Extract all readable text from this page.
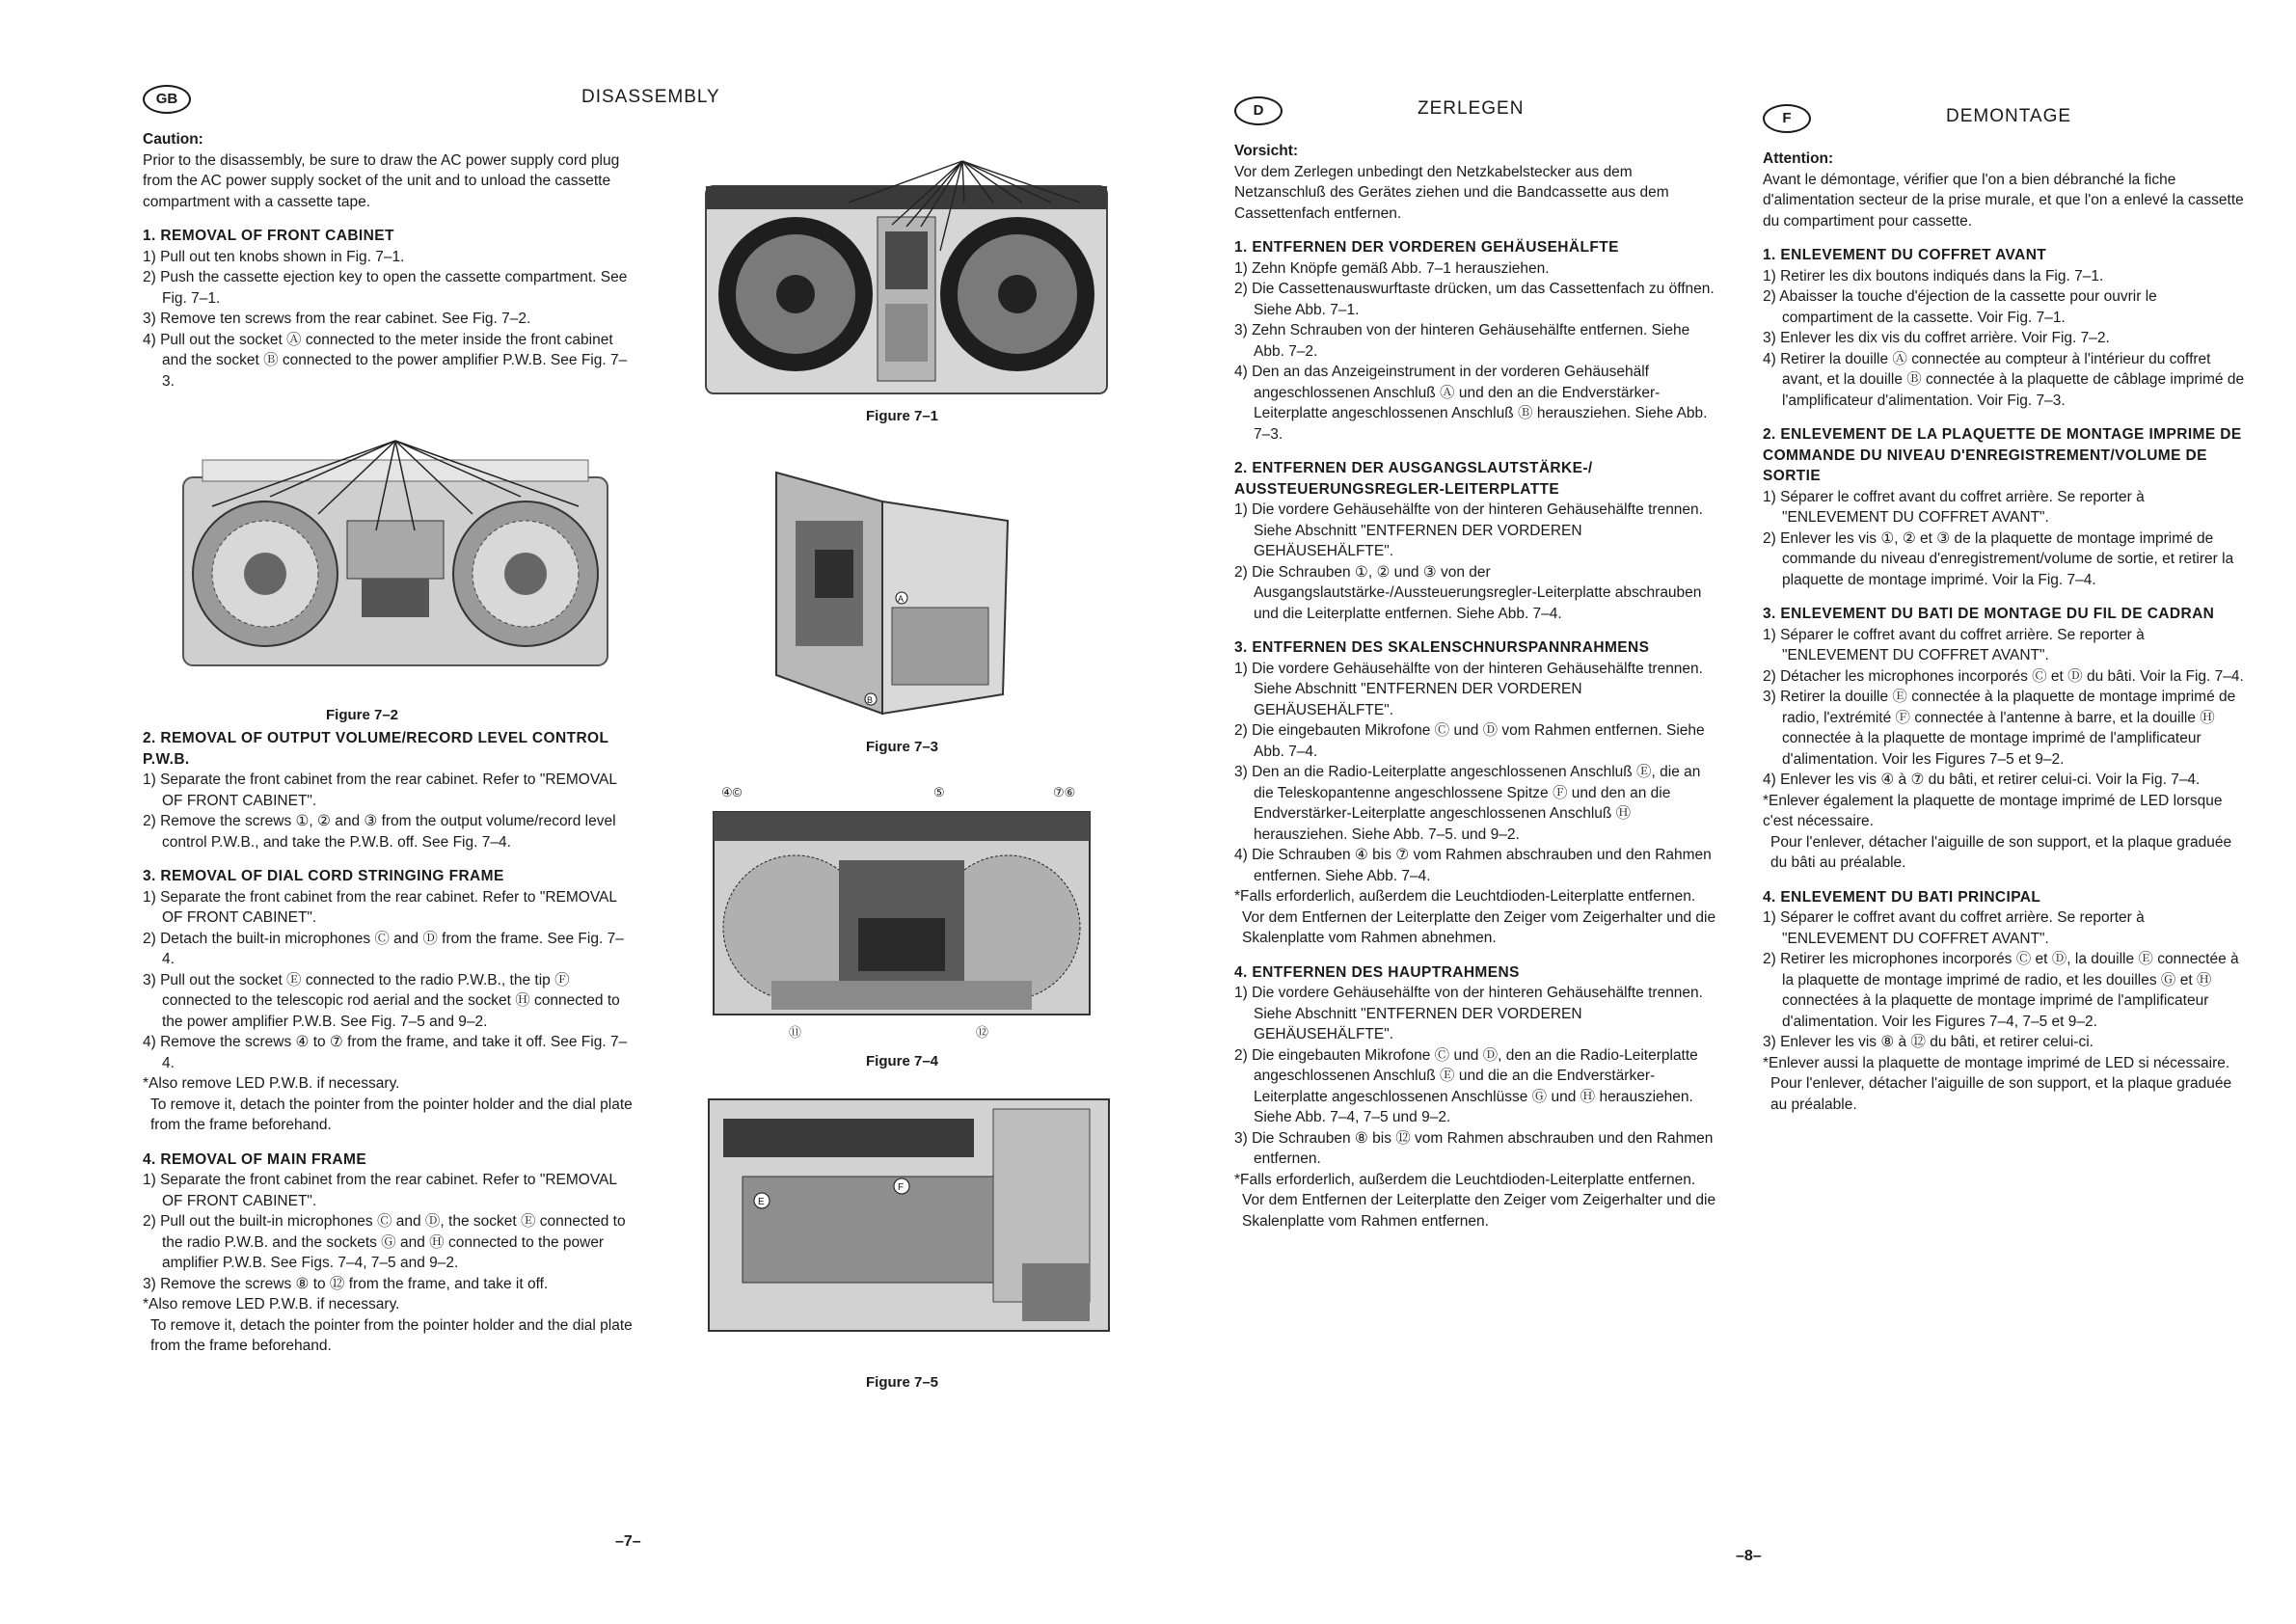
GB	DISASSEMBLY

Caution:

Prior to the disassembly, be sure to draw the AC power supply cord plug from the AC power supply socket of the unit and to unload the cassette compartment with a cassette tape.

1. REMOVAL OF FRONT CABINET

1) Pull out ten knobs shown in Fig. 7–1.

2) Push the cassette ejection key to open the cassette compartment. See Fig. 7–1.

3) Remove ten screws from the rear cabinet. See Fig. 7–2.

4) Pull out the socket Ⓐ connected to the meter inside the front cabinet and the socket Ⓑ connected to the power amplifier P.W.B. See Fig. 7–3.

2. REMOVAL OF OUTPUT VOLUME/RECORD LEVEL CONTROL P.W.B.

1) Separate the front cabinet from the rear cabinet. Refer to "REMOVAL OF FRONT CABINET".

2) Remove the screws ①, ② and ③ from the output volume/record level control P.W.B., and take the P.W.B. off. See Fig. 7–4.

3. REMOVAL OF DIAL CORD STRINGING FRAME

1) Separate the front cabinet from the rear cabinet. Refer to "REMOVAL OF FRONT CABINET".

2) Detach the built-in microphones Ⓒ and Ⓓ from the frame. See Fig. 7–4.

3) Pull out the socket Ⓔ connected to the radio P.W.B., the tip Ⓕ connected to the telescopic rod aerial and the socket Ⓗ connected to the power amplifier P.W.B. See Fig. 7–5 and 9–2.

4) Remove the screws ④ to ⑦ from the frame, and take it off. See Fig. 7–4.

*Also remove LED P.W.B. if necessary.

To remove it, detach the pointer from the pointer holder and the dial plate from the frame beforehand.

4. REMOVAL OF MAIN FRAME

1) Separate the front cabinet from the rear cabinet. Refer to "REMOVAL OF FRONT CABINET".

2) Pull out the built-in microphones Ⓒ and Ⓓ, the socket Ⓔ connected to the radio P.W.B. and the sockets Ⓖ and Ⓗ connected to the power amplifier P.W.B. See Figs. 7–4, 7–5 and 9–2.

3) Remove the screws ⑧ to ⑫ from the frame, and take it off.

*Also remove LED P.W.B. if necessary.

To remove it, detach the pointer from the pointer holder and the dial plate from the frame beforehand.

Figure 7–2
Figure 7–1
A
B
Figure 7–3
④©	⑤	⑦⑥
⑪	⑫
Figure 7–4
E
F
Figure 7–5
–7–
D	ZERLEGEN

Vorsicht:

Vor dem Zerlegen unbedingt den Netzkabelstecker aus dem Netzanschluß des Gerätes ziehen und die Bandcassette aus dem Cassettenfach entfernen.

1. ENTFERNEN DER VORDEREN GEHÄUSEHÄLFTE

1) Zehn Knöpfe gemäß Abb. 7–1 herausziehen.

2) Die Cassettenauswurftaste drücken, um das Cassettenfach zu öffnen. Siehe Abb. 7–1.

3) Zehn Schrauben von der hinteren Gehäusehälfte entfernen. Siehe Abb. 7–2.

4) Den an das Anzeigeinstrument in der vorderen Gehäusehälf angeschlossenen Anschluß Ⓐ und den an die Endverstärker-Leiterplatte angeschlossenen Anschluß Ⓑ herausziehen. Siehe Abb. 7–3.

2. ENTFERNEN DER AUSGANGSLAUTSTÄRKE-/ AUSSTEUERUNGSREGLER-LEITERPLATTE

1) Die vordere Gehäusehälfte von der hinteren Gehäusehälfte trennen. Siehe Abschnitt "ENTFERNEN DER VORDEREN GEHÄUSEHÄLFTE".

2) Die Schrauben ①, ② und ③ von der Ausgangslautstärke-/Aussteuerungsregler-Leiterplatte abschrauben und die Leiterplatte entfernen. Siehe Abb. 7–4.

3. ENTFERNEN DES SKALENSCHNURSPANNRAHMENS

1) Die vordere Gehäusehälfte von der hinteren Gehäusehälfte trennen. Siehe Abschnitt "ENTFERNEN DER VORDEREN GEHÄUSEHÄLFTE".

2) Die eingebauten Mikrofone Ⓒ und Ⓓ vom Rahmen entfernen. Siehe Abb. 7–4.

3) Den an die Radio-Leiterplatte angeschlossenen Anschluß Ⓔ, die an die Teleskopantenne angeschlossene Spitze Ⓕ und den an die Endverstärker-Leiterplatte angeschlossenen Anschluß Ⓗ herausziehen. Siehe Abb. 7–5. und 9–2.

4) Die Schrauben ④ bis ⑦ vom Rahmen abschrauben und den Rahmen entfernen. Siehe Abb. 7–4.

*Falls erforderlich, außerdem die Leuchtdioden-Leiterplatte entfernen.

Vor dem Entfernen der Leiterplatte den Zeiger vom Zeigerhalter und die Skalenplatte vom Rahmen abnehmen.

4. ENTFERNEN DES HAUPTRAHMENS

1) Die vordere Gehäusehälfte von der hinteren Gehäusehälfte trennen. Siehe Abschnitt "ENTFERNEN DER VORDEREN GEHÄUSEHÄLFTE".

2) Die eingebauten Mikrofone Ⓒ und Ⓓ, den an die Radio-Leiterplatte angeschlossenen Anschluß Ⓔ und die an die Endverstärker-Leiterplatte angeschlossenen Anschlüsse Ⓖ und Ⓗ herausziehen. Siehe Abb. 7–4, 7–5 und 9–2.

3) Die Schrauben ⑧ bis ⑫ vom Rahmen abschrauben und den Rahmen entfernen.

*Falls erforderlich, außerdem die Leuchtdioden-Leiterplatte entfernen.

Vor dem Entfernen der Leiterplatte den Zeiger vom Zeigerhalter und die Skalenplatte vom Rahmen entfernen.

F	DEMONTAGE

Attention:

Avant le démontage, vérifier que l'on a bien débranché la fiche d'alimentation secteur de la prise murale, et que l'on a enlevé la cassette du compartiment pour cassette.

1. ENLEVEMENT DU COFFRET AVANT

1) Retirer les dix boutons indiqués dans la Fig. 7–1.

2) Abaisser la touche d'éjection de la cassette pour ouvrir le compartiment de la cassette. Voir Fig. 7–1.

3) Enlever les dix vis du coffret arrière. Voir Fig. 7–2.

4) Retirer la douille Ⓐ connectée au compteur à l'intérieur du coffret avant, et la douille Ⓑ connectée à la plaquette de câblage imprimé de l'amplificateur d'alimentation. Voir Fig. 7–3.

2. ENLEVEMENT DE LA PLAQUETTE DE MONTAGE IMPRIME DE COMMANDE DU NIVEAU D'ENREGISTREMENT/VOLUME DE SORTIE

1) Séparer le coffret avant du coffret arrière. Se reporter à "ENLEVEMENT DU COFFRET AVANT".

2) Enlever les vis ①, ② et ③ de la plaquette de montage imprimé de commande du niveau d'enregistrement/volume de sortie, et retirer la plaquette de montage imprimé. Voir la Fig. 7–4.

3. ENLEVEMENT DU BATI DE MONTAGE DU FIL DE CADRAN

1) Séparer le coffret avant du coffret arrière. Se reporter à "ENLEVEMENT DU COFFRET AVANT".

2) Détacher les microphones incorporés Ⓒ et Ⓓ du bâti. Voir la Fig. 7–4.

3) Retirer la douille Ⓔ connectée à la plaquette de montage imprimé de radio, l'extrémité Ⓕ connectée à l'antenne à barre, et la douille Ⓗ connectée à la plaquette de montage imprimé de l'amplificateur d'alimentation. Voir les Figures 7–5 et 9–2.

4) Enlever les vis ④ à ⑦ du bâti, et retirer celui-ci. Voir la Fig. 7–4.

*Enlever également la plaquette de montage imprimé de LED lorsque c'est nécessaire.

Pour l'enlever, détacher l'aiguille de son support, et la plaque graduée du bâti au préalable.

4. ENLEVEMENT DU BATI PRINCIPAL

1) Séparer le coffret avant du coffret arrière. Se reporter à "ENLEVEMENT DU COFFRET AVANT".

2) Retirer les microphones incorporés Ⓒ et Ⓓ, la douille Ⓔ connectée à la plaquette de montage imprimé de radio, et les douilles Ⓖ et Ⓗ connectées à la plaquette de montage imprimé de l'amplificateur d'alimentation. Voir les Figures 7–4, 7–5 et 9–2.

3) Enlever les vis ⑧ à ⑫ du bâti, et retirer celui-ci.

*Enlever aussi la plaquette de montage imprimé de LED si nécessaire.

Pour l'enlever, détacher l'aiguille de son support, et la plaque graduée au préalable.

–8–
